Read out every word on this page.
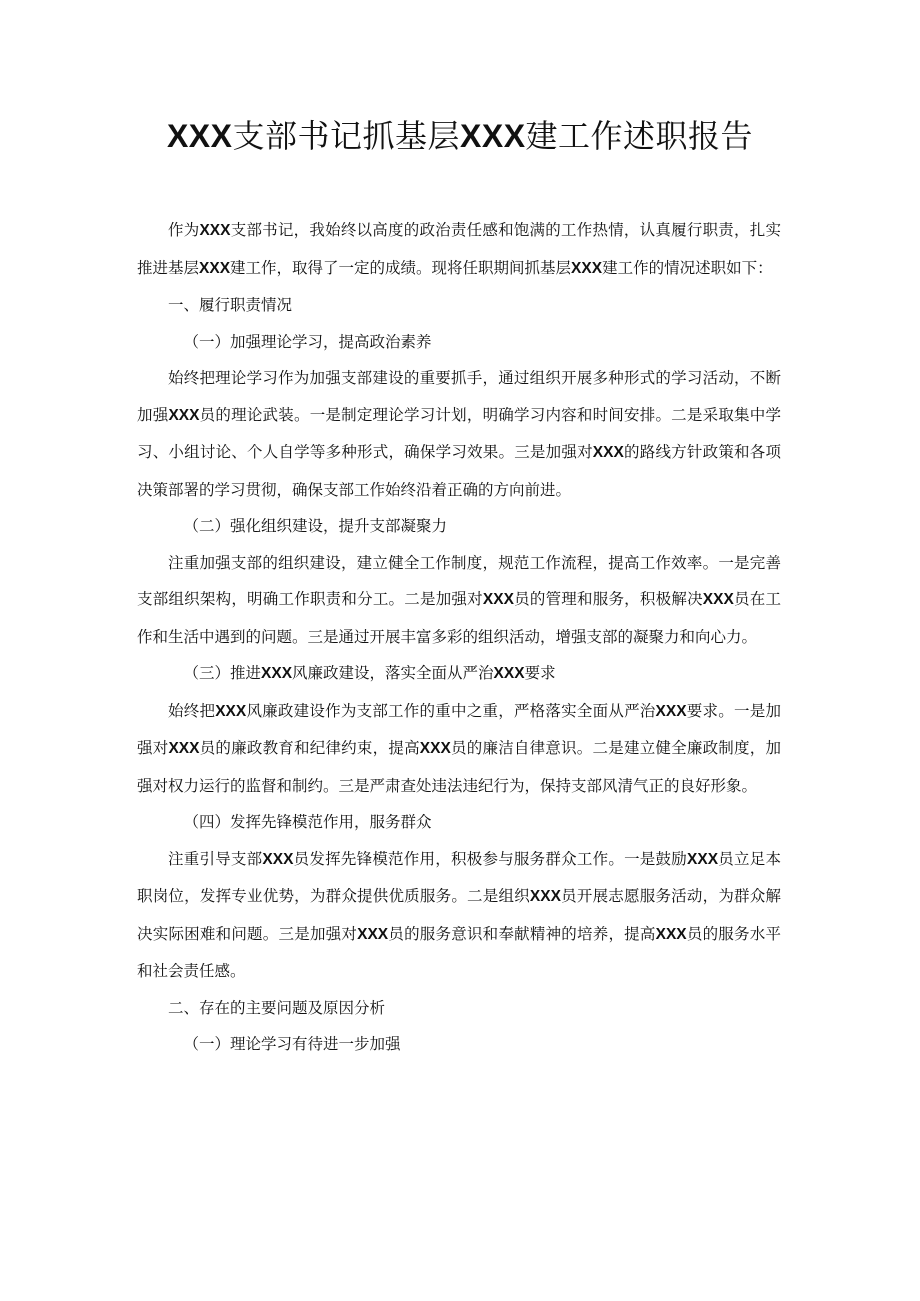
XXX支部书记抓基层XXX建工作述职报告

作为XXX支部书记，我始终以高度的政治责任感和饱满的工作热情，认真履行职责，扎实推进基层XXX建工作，取得了一定的成绩。现将任职期间抓基层XXX建工作的情况述职如下：

一、履行职责情况

（一）加强理论学习，提高政治素养

始终把理论学习作为加强支部建设的重要抓手，通过组织开展多种形式的学习活动，不断加强XXX员的理论武装。一是制定理论学习计划，明确学习内容和时间安排。二是采取集中学习、小组讨论、个人自学等多种形式，确保学习效果。三是加强对XXX的路线方针政策和各项决策部署的学习贯彻，确保支部工作始终沿着正确的方向前进。

（二）强化组织建设，提升支部凝聚力

注重加强支部的组织建设，建立健全工作制度，规范工作流程，提高工作效率。一是完善支部组织架构，明确工作职责和分工。二是加强对XXX员的管理和服务，积极解决XXX员在工作和生活中遇到的问题。三是通过开展丰富多彩的组织活动，增强支部的凝聚力和向心力。

（三）推进XXX风廉政建设，落实全面从严治XXX要求

始终把XXX风廉政建设作为支部工作的重中之重，严格落实全面从严治XXX要求。一是加强对XXX员的廉政教育和纪律约束，提高XXX员的廉洁自律意识。二是建立健全廉政制度，加强对权力运行的监督和制约。三是严肃查处违法违纪行为，保持支部风清气正的良好形象。

（四）发挥先锋模范作用，服务群众

注重引导支部XXX员发挥先锋模范作用，积极参与服务群众工作。一是鼓励XXX员立足本职岗位，发挥专业优势，为群众提供优质服务。二是组织XXX员开展志愿服务活动，为群众解决实际困难和问题。三是加强对XXX员的服务意识和奉献精神的培养，提高XXX员的服务水平和社会责任感。

二、存在的主要问题及原因分析

（一）理论学习有待进一步加强
